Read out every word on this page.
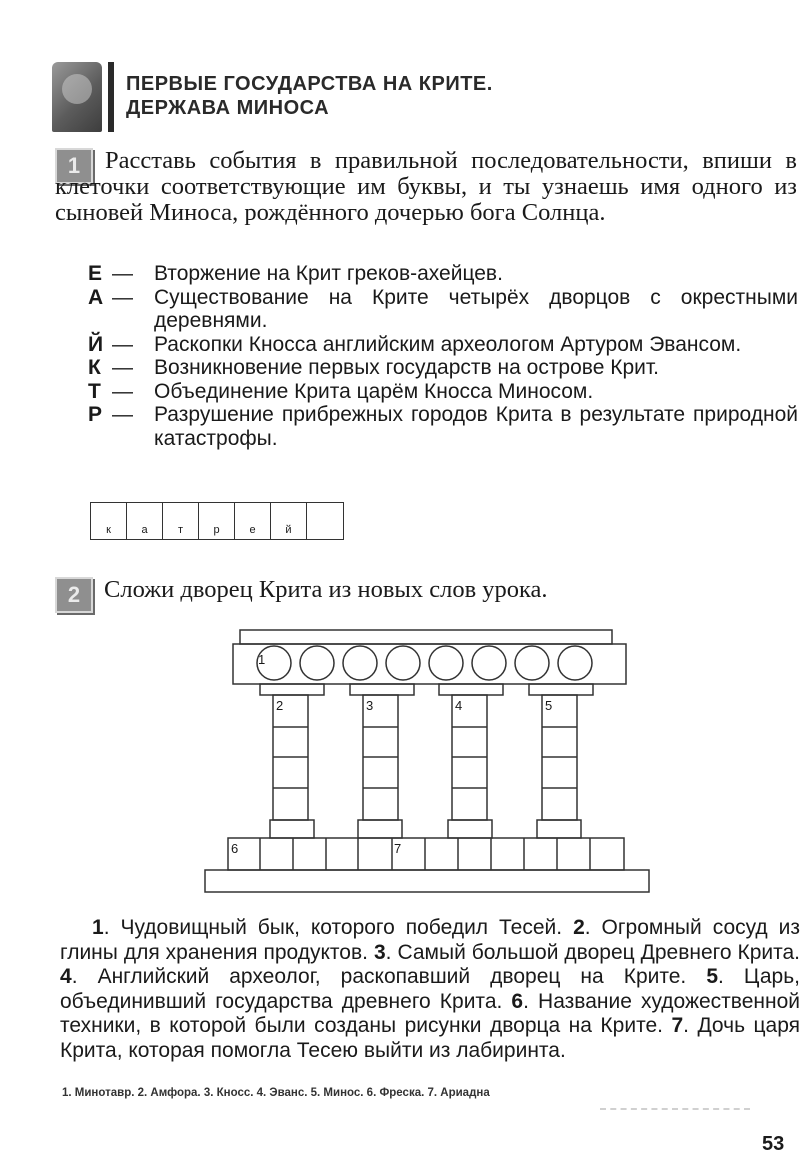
ПЕРВЫЕ ГОСУДАРСТВА НА КРИТЕ.
ДЕРЖАВА МИНОСА
1	Расставь события в правильной последовательности, впиши в клеточки соответствующие им буквы, и ты узнаешь имя одного из сыновей Миноса, рождённого дочерью бога Солнца.

Е —	Вторжение на Крит греков-ахейцев.
А —	Существование на Крите четырёх дворцов с окрестными деревнями.
Й —	Раскопки Кносса английским археологом Артуром Эвансом.
К —	Возникновение первых государств на острове Крит.
Т —	Объединение Крита царём Кносса Миносом.
Р —	Разрушение прибрежных городов Крита в результате природной катастрофы.
к	а	т	р	е	й
2 Сложи дворец Крита из новых слов урока.

1
2	3	4	5
6	7

1. Чудовищный бык, которого победил Тесей. 2. Огромный сосуд из глины для хранения продуктов. 3. Самый большой дворец Древнего Крита. 4. Английский археолог, раскопавший дворец на Крите. 5. Царь, объединивший государства древнего Крита. 6. Название художественной техники, в которой были созданы рисунки дворца на Крите. 7. Дочь царя Крита, которая помогла Тесею выйти из лабиринта.

1. Минотавр. 2. Амфора. 3. Кносс. 4. Эванс. 5. Минос. 6. Фреска. 7. Ариадна

53
